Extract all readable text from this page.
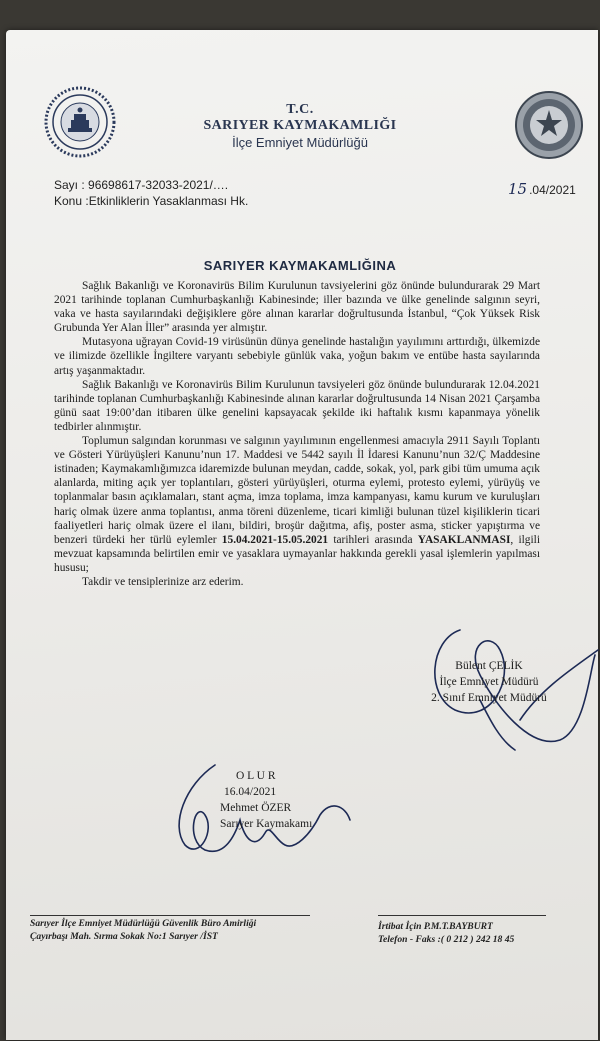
T.C.
SARIYER KAYMAKAMLIĞI
İlçe Emniyet Müdürlüğü
Sayı : 96698617-32033-2021/….
Konu :Etkinliklerin Yasaklanması Hk.
15 .04/2021
SARIYER KAYMAKAMLIĞINA

Sağlık Bakanlığı ve Koronavirüs Bilim Kurulunun tavsiyelerini göz önünde bulundurarak 29 Mart 2021 tarihinde toplanan Cumhurbaşkanlığı Kabinesinde; iller bazında ve ülke genelinde salgının seyri, vaka ve hasta sayılarındaki değişiklere göre alınan kararlar doğrultusunda İstanbul, “Çok Yüksek Risk Grubunda Yer Alan İller” arasında yer almıştır.

Mutasyona uğrayan Covid-19 virüsünün dünya genelinde hastalığın yayılımını arttırdığı, ülkemizde ve ilimizde özellikle İngiltere varyantı sebebiyle günlük vaka, yoğun bakım ve entübe hasta sayılarında artış yaşanmaktadır.

Sağlık Bakanlığı ve Koronavirüs Bilim Kurulunun tavsiyeleri göz önünde bulundurarak 12.04.2021 tarihinde toplanan Cumhurbaşkanlığı Kabinesinde alınan kararlar doğrultusunda 14 Nisan 2021 Çarşamba günü saat 19:00’dan itibaren ülke genelini kapsayacak şekilde iki haftalık kısmı kapanmaya yönelik tedbirler alınmıştır.

Toplumun salgından korunması ve salgının yayılımının engellenmesi amacıyla 2911 Sayılı Toplantı ve Gösteri Yürüyüşleri Kanunu’nun 17. Maddesi ve 5442 sayılı İl İdaresi Kanunu’nun 32/Ç Maddesine istinaden; Kaymakamlığımızca idaremizde bulunan meydan, cadde, sokak, yol, park gibi tüm umuma açık alanlarda, miting açık yer toplantıları, gösteri yürüyüşleri, oturma eylemi, protesto eylemi, yürüyüş ve toplanmalar basın açıklamaları, stant açma, imza toplama, imza kampanyası, kamu kurum ve kuruluşları hariç olmak üzere anma toplantısı, anma töreni düzenleme, ticari kimliği bulunan tüzel kişiliklerin ticari faaliyetleri hariç olmak üzere el ilanı, bildiri, broşür dağıtma, afiş, poster asma, sticker yapıştırma ve benzeri türdeki her türlü eylemler 15.04.2021-15.05.2021 tarihleri arasında YASAKLANMASI, ilgili mevzuat kapsamında belirtilen emir ve yasaklara uymayanlar hakkında gerekli yasal işlemlerin yapılması hususu;

Takdir ve tensiplerinize arz ederim.

Bülent ÇELİK
İlçe Emniyet Müdürü
2. Sınıf Emniyet Müdürü
O L U R
16.04/2021
Mehmet ÖZER
Sarıyer Kaymakamı
Sarıyer İlçe Emniyet Müdürlüğü Güvenlik Büro Amirliği
Çayırbaşı Mah. Sırma Sokak No:1 Sarıyer /İST
İrtibat İçin P.M.T.BAYBURT
Telefon - Faks :( 0 212 ) 242 18 45
